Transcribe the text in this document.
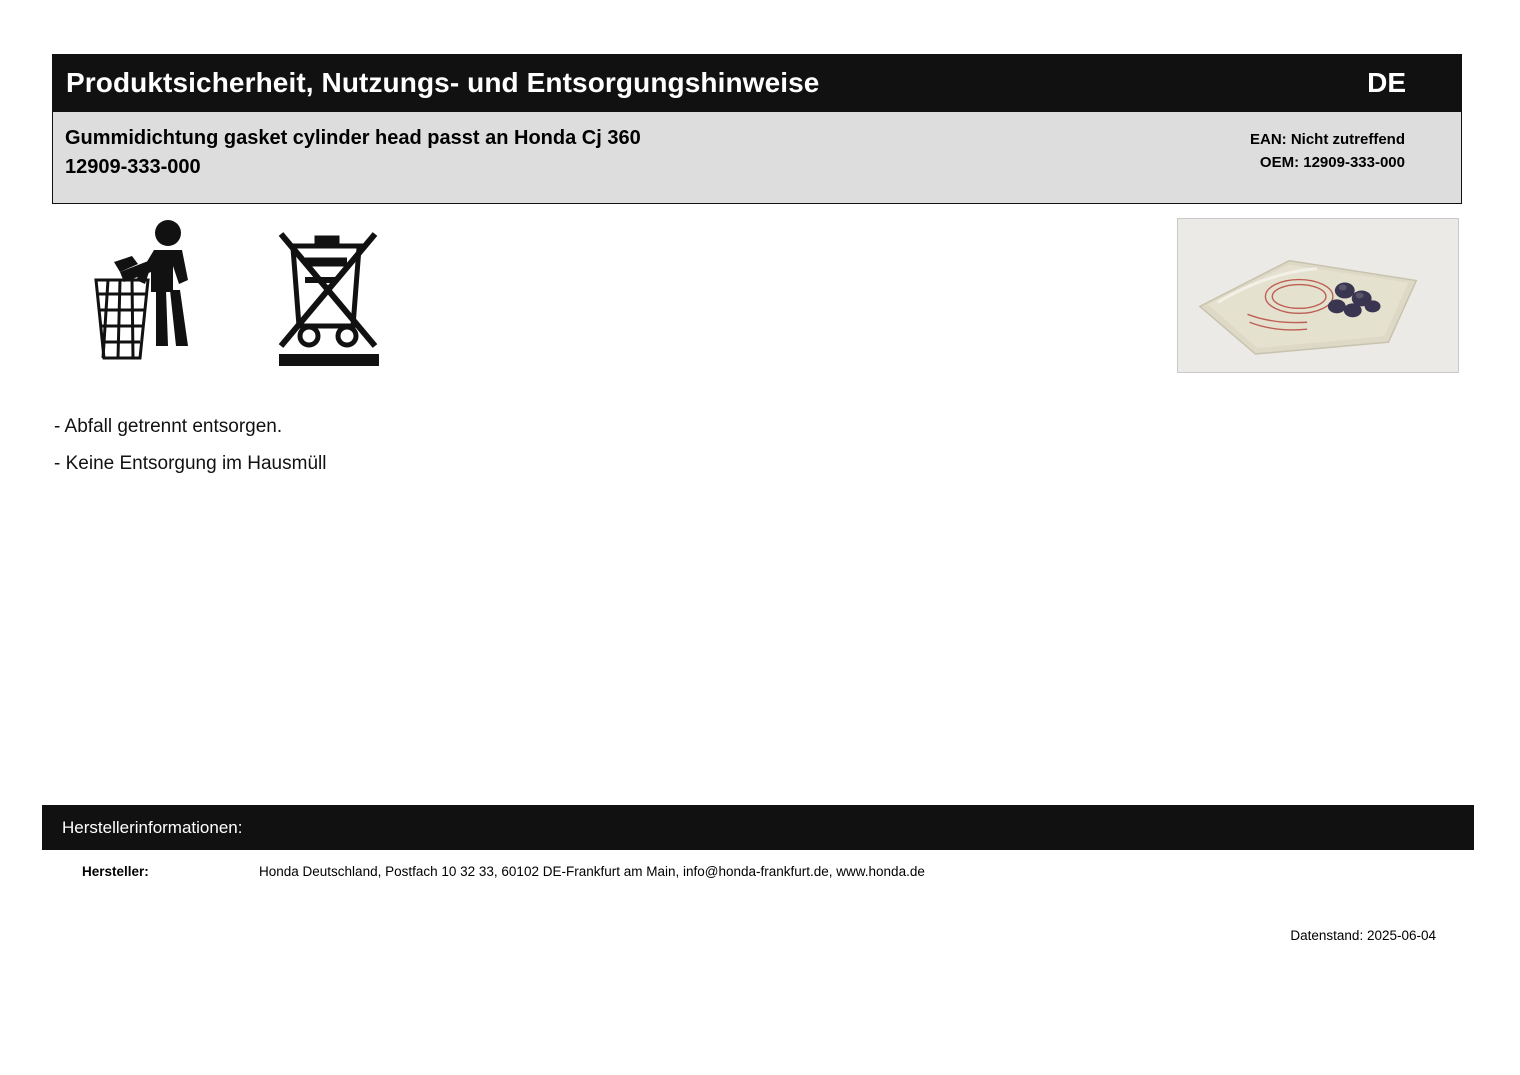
Produktsicherheit, Nutzungs- und Entsorgungshinweise	DE
Gummidichtung gasket cylinder head passt an Honda Cj 360
12909-333-000
EAN: Nicht zutreffend
OEM: 12909-333-000
- Abfall getrennt entsorgen.
- Keine Entsorgung im Hausmüll
Herstellerinformationen:
Hersteller:	Honda Deutschland, Postfach 10 32 33, 60102 DE-Frankfurt am Main, info@honda-frankfurt.de, www.honda.de
Datenstand: 2025-06-04
